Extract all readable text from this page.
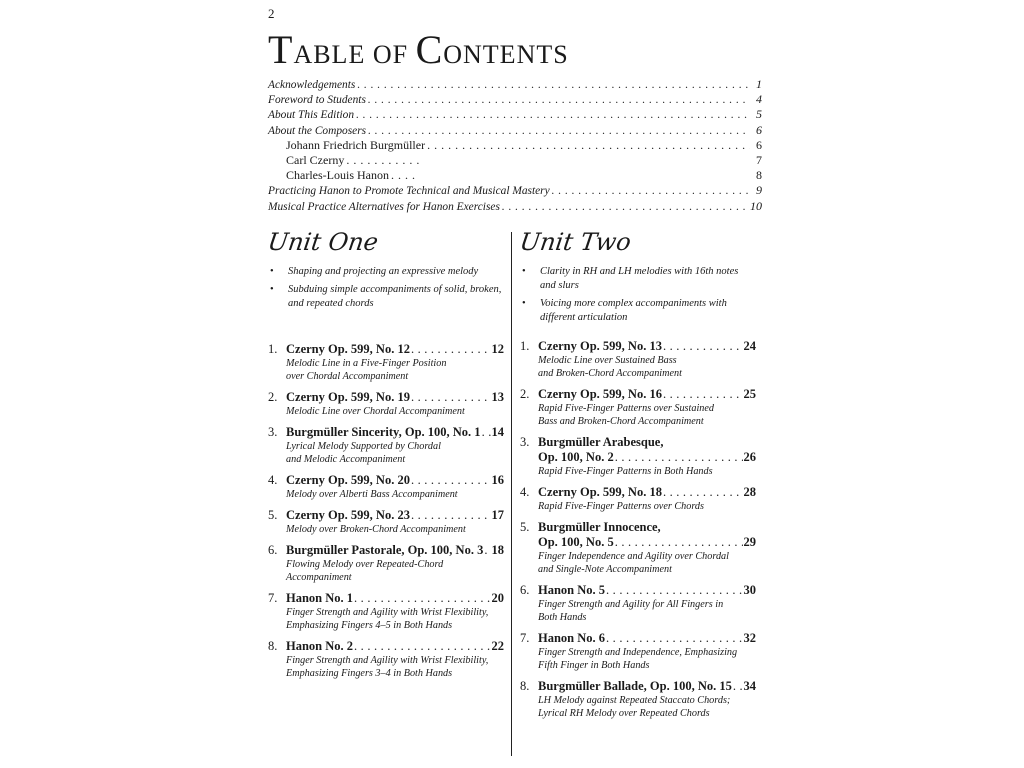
2
TABLE OF CONTENTS
Acknowledgements . . .	1
Foreword to Students . . .	4
About This Edition . . .	5
About the Composers . . .	6
Johann Friedrich Burgmüller . . .	6
Carl Czerny . . .	7
Charles-Louis Hanon . . . .	8
Practicing Hanon to Promote Technical and Musical Mastery . . .	9
Musical Practice Alternatives for Hanon Exercises . . .	10
Unit One
• Shaping and projecting an expressive melody
• Subduing simple accompaniments of solid, broken, and repeated chords
Unit Two
• Clarity in RH and LH melodies with 16th notes and slurs
• Voicing more complex accompaniments with different articulation
1. Czerny Op. 599, No. 12 . . .	12
Melodic Line in a Five-Finger Position
over Chordal Accompaniment
2. Czerny Op. 599, No. 19 . . .	13
Melodic Line over Chordal Accompaniment
3. Burgmüller Sincerity, Op. 100, No. 1 . . . 14
Lyrical Melody Supported by Chordal
and Melodic Accompaniment
4. Czerny Op. 599, No. 20 . . .	16
Melody over Alberti Bass Accompaniment
5. Czerny Op. 599, No. 23 . . .	17
Melody over Broken-Chord Accompaniment
6. Burgmüller Pastorale, Op. 100, No. 3 . . . 18
Flowing Melody over Repeated-Chord
Accompaniment
7. Hanon No. 1 . . .	20
Finger Strength and Agility with Wrist Flexibility,
Emphasizing Fingers 4–5 in Both Hands
8. Hanon No. 2 . . .	22
Finger Strength and Agility with Wrist Flexibility,
Emphasizing Fingers 3–4 in Both Hands
1. Czerny Op. 599, No. 13 . . .	24
Melodic Line over Sustained Bass
and Broken-Chord Accompaniment
2. Czerny Op. 599, No. 16 . . .	25
Rapid Five-Finger Patterns over Sustained
Bass and Broken-Chord Accompaniment
3. Burgmüller Arabesque,
Op. 100, No. 2 . . .	26
Rapid Five-Finger Patterns in Both Hands
4. Czerny Op. 599, No. 18 . . .	28
Rapid Five-Finger Patterns over Chords
5. Burgmüller Innocence,
Op. 100, No. 5 . . .	29
Finger Independence and Agility over Chordal
and Single-Note Accompaniment
6. Hanon No. 5 . . .	30
Finger Strength and Agility for All Fingers in
Both Hands
7. Hanon No. 6 . . .	32
Finger Strength and Independence, Emphasizing
Fifth Finger in Both Hands
8. Burgmüller Ballade, Op. 100, No. 15 . . . 34
LH Melody against Repeated Staccato Chords;
Lyrical RH Melody over Repeated Chords
